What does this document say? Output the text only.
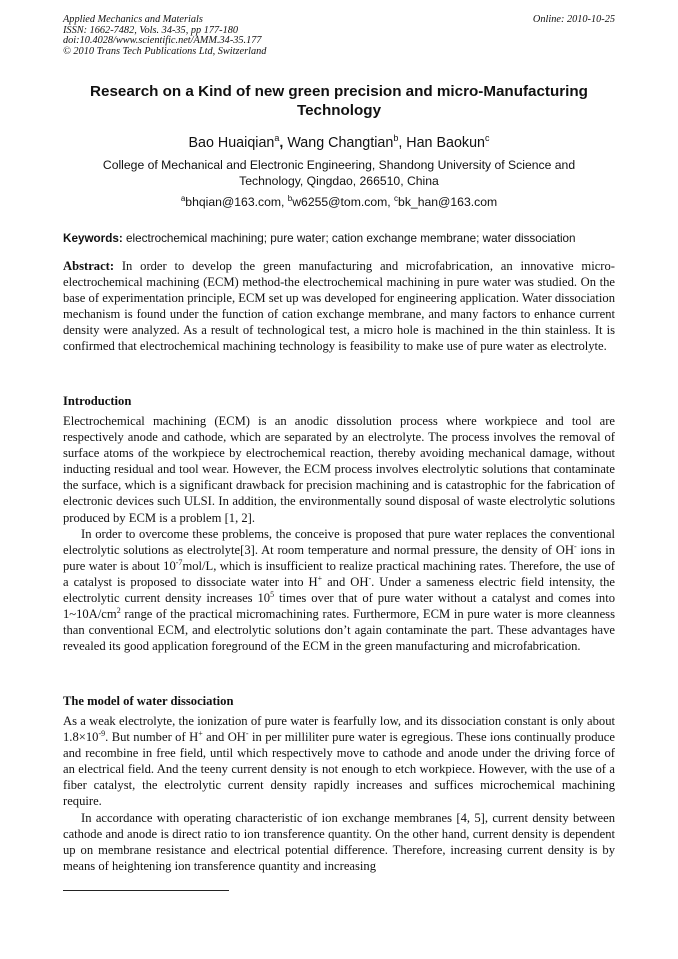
Applied Mechanics and Materials
ISSN: 1662-7482, Vols. 34-35, pp 177-180
doi:10.4028/www.scientific.net/AMM.34-35.177
© 2010 Trans Tech Publications Ltd, Switzerland
Online: 2010-10-25
Research on a Kind of new green precision and micro-Manufacturing Technology
Bao Huaiqian$^a$, Wang Changtian$^b$, Han Baokun$^c$
College of Mechanical and Electronic Engineering, Shandong University of Science and Technology, Qingdao, 266510, China
$^a$bhqian@163.com, $^b$w6255@tom.com, $^c$bk_han@163.com
Keywords: electrochemical machining; pure water; cation exchange membrane; water dissociation
Abstract: In order to develop the green manufacturing and microfabrication, an innovative micro-electrochemical machining (ECM) method-the electrochemical machining in pure water was studied. On the base of experimentation principle, ECM set up was developed for engineering application. Water dissociation mechanism is found under the function of cation exchange membrane, and many factors to enhance current density were analyzed. As a result of technological test, a micro hole is machined in the thin stainless. It is confirmed that electrochemical machining technology is feasibility to make use of pure water as electrolyte.
Introduction

Electrochemical machining (ECM) is an anodic dissolution process where workpiece and tool are respectively anode and cathode, which are separated by an electrolyte. The process involves the removal of surface atoms of the workpiece by electrochemical reaction, thereby avoiding mechanical damage, without inducting residual and tool wear. However, the ECM process involves electrolytic solutions that contaminate the surface, which is a significant drawback for precision machining and is catastrophic for the fabrication of electronic devices such ULSI. In addition, the environmentally sound disposal of waste electrolytic solutions produced by ECM is a problem [1, 2].

In order to overcome these problems, the conceive is proposed that pure water replaces the conventional electrolytic solutions as electrolyte[3]. At room temperature and normal pressure, the density of OH- ions in pure water is about $10^{-7}mol/L$, which is insufficient to realize practical machining rates. Therefore, the use of a catalyst is proposed to dissociate water into H+ and OH-. Under a sameness electric field intensity, the electrolytic current density increases $10^5$ times over that of pure water without a catalyst and comes into $1\sim 10A/cm^2$ range of the practical micromachining rates. Furthermore, ECM in pure water is more cleanness than conventional ECM, and electrolytic solutions don’t again contaminate the part. These advantages have revealed its good application foreground of the ECM in the green manufacturing and microfabrication.

The model of water dissociation

As a weak electrolyte, the ionization of pure water is fearfully low, and its dissociation constant is only about $1.8\times 10^{-9}$. But number of H+ and OH- in per milliliter pure water is egregious. These ions continually produce and recombine in free field, until which respectively move to cathode and anode under the driving force of an electrical field. And the teeny current density is not enough to etch workpiece. However, with the use of a fiber catalyst, the electrolytic current density rapidly increases and suffices microchemical machining require.

In accordance with operating characteristic of ion exchange membranes [4, 5], current density between cathode and anode is direct ratio to ion transference quantity. On the other hand, current density is dependent up on membrane resistance and electrical potential difference. Therefore, increasing current density is by means of heightening ion transference quantity and increasing
